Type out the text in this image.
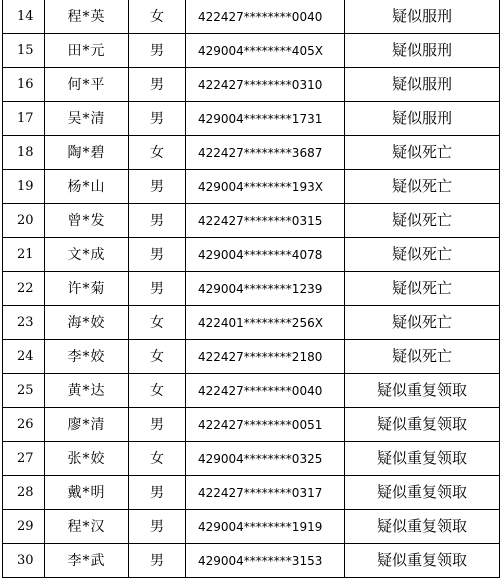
14	程*英	女	422427********0040	疑似服刑
15	田*元	男	429004********405X	疑似服刑
16	何*平	男	422427********0310	疑似服刑
17	吴*清	男	429004********1731	疑似服刑
18	陶*碧	女	422427********3687	疑似死亡
19	杨*山	男	429004********193X	疑似死亡
20	曾*发	男	422427********0315	疑似死亡
21	文*成	男	429004********4078	疑似死亡
22	许*菊	男	429004********1239	疑似死亡
23	海*姣	女	422401********256X	疑似死亡
24	李*姣	女	422427********2180	疑似死亡
25	黄*达	女	422427********0040	疑似重复领取
26	廖*清	男	422427********0051	疑似重复领取
27	张*姣	女	429004********0325	疑似重复领取
28	戴*明	男	422427********0317	疑似重复领取
29	程*汉	男	429004********1919	疑似重复领取
30	李*武	男	429004********3153	疑似重复领取
